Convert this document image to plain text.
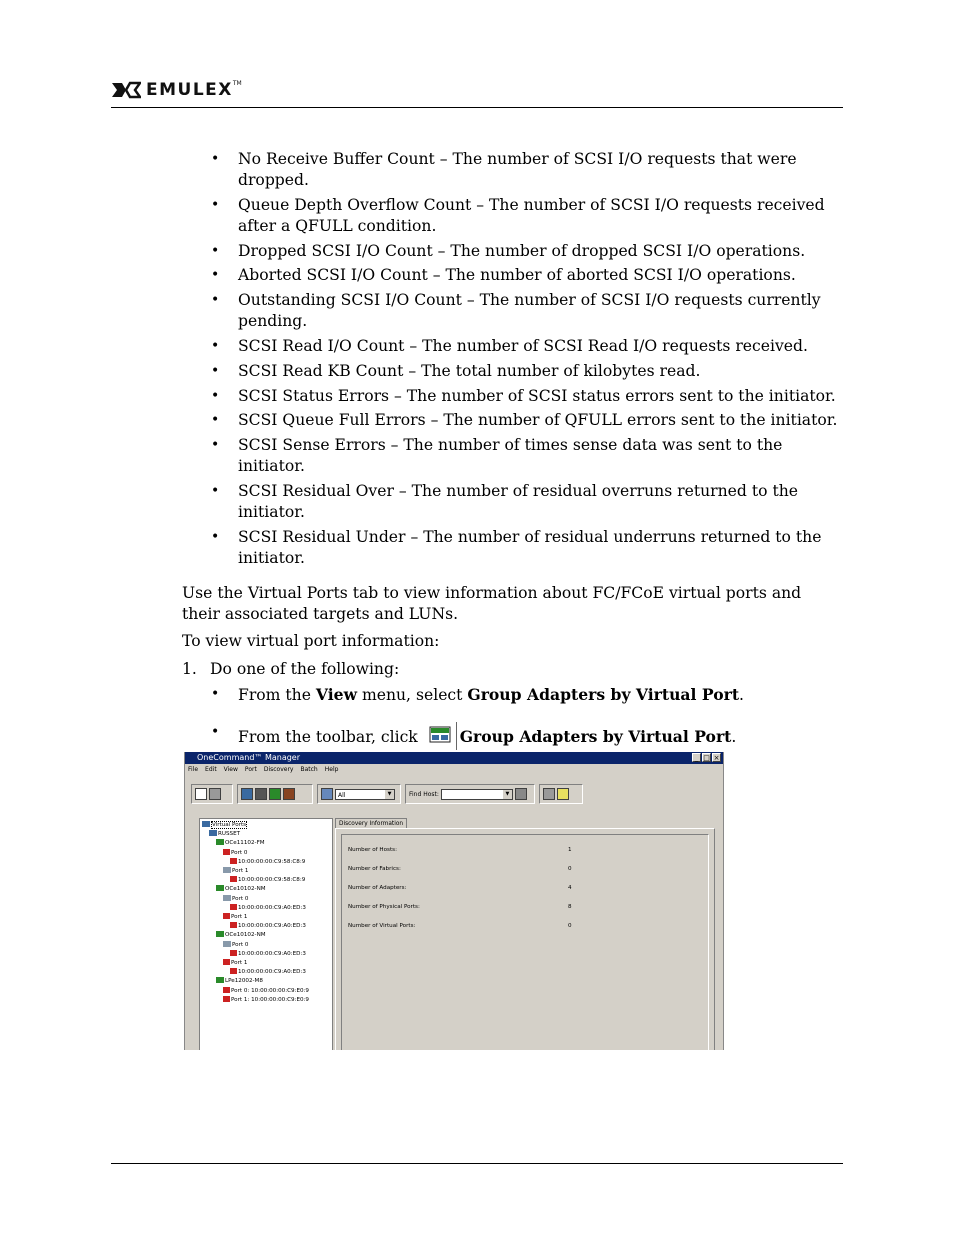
EMULEX™
• No Receive Buffer Count – The number of SCSI I/O requests that were dropped.
• Queue Depth Overflow Count – The number of SCSI I/O requests received after a QFULL condition.
• Dropped SCSI I/O Count – The number of dropped SCSI I/O operations.
• Aborted SCSI I/O Count – The number of aborted SCSI I/O operations.
• Outstanding SCSI I/O Count – The number of SCSI I/O requests currently pending.
• SCSI Read I/O Count – The number of SCSI Read I/O requests received.
• SCSI Read KB Count – The total number of kilobytes read.
• SCSI Status Errors – The number of SCSI status errors sent to the initiator.
• SCSI Queue Full Errors – The number of QFULL errors sent to the initiator.
• SCSI Sense Errors – The number of times sense data was sent to the initiator.
• SCSI Residual Over – The number of residual overruns returned to the initiator.
• SCSI Residual Under – The number of residual underruns returned to the initiator.

Use the Virtual Ports tab to view information about FC/FCoE virtual ports and their associated targets and LUNs.

To view virtual port information:

1. Do one of the following:
• From the View menu, select Group Adapters by Virtual Port.
• From the toolbar, click Group Adapters by Virtual Port.
OneCommand™ Manager	_ □ ×
File Edit View Port Discovery Batch Help
All	▼	Find Host:	▼
Virtual Ports
RUSSET
OCe11102-FM
Port 0
10:00:00:00:C9:58:C8:9
Port 1
10:00:00:00:C9:58:C8:9
OCe10102-NM
Port 0
10:00:00:00:C9:A0:ED:3
Port 1
10:00:00:00:C9:A0:ED:3
OCe10102-NM
Port 0
10:00:00:00:C9:A0:ED:3
Port 1
10:00:00:00:C9:A0:ED:3
LPe12002-M8
Port 0: 10:00:00:00:C9:E0:9
Port 1: 10:00:00:00:C9:E0:9
Discovery Information
Number of Hosts:	1
Number of Fabrics:	0
Number of Adapters:	4
Number of Physical Ports:	8
Number of Virtual Ports:	0
